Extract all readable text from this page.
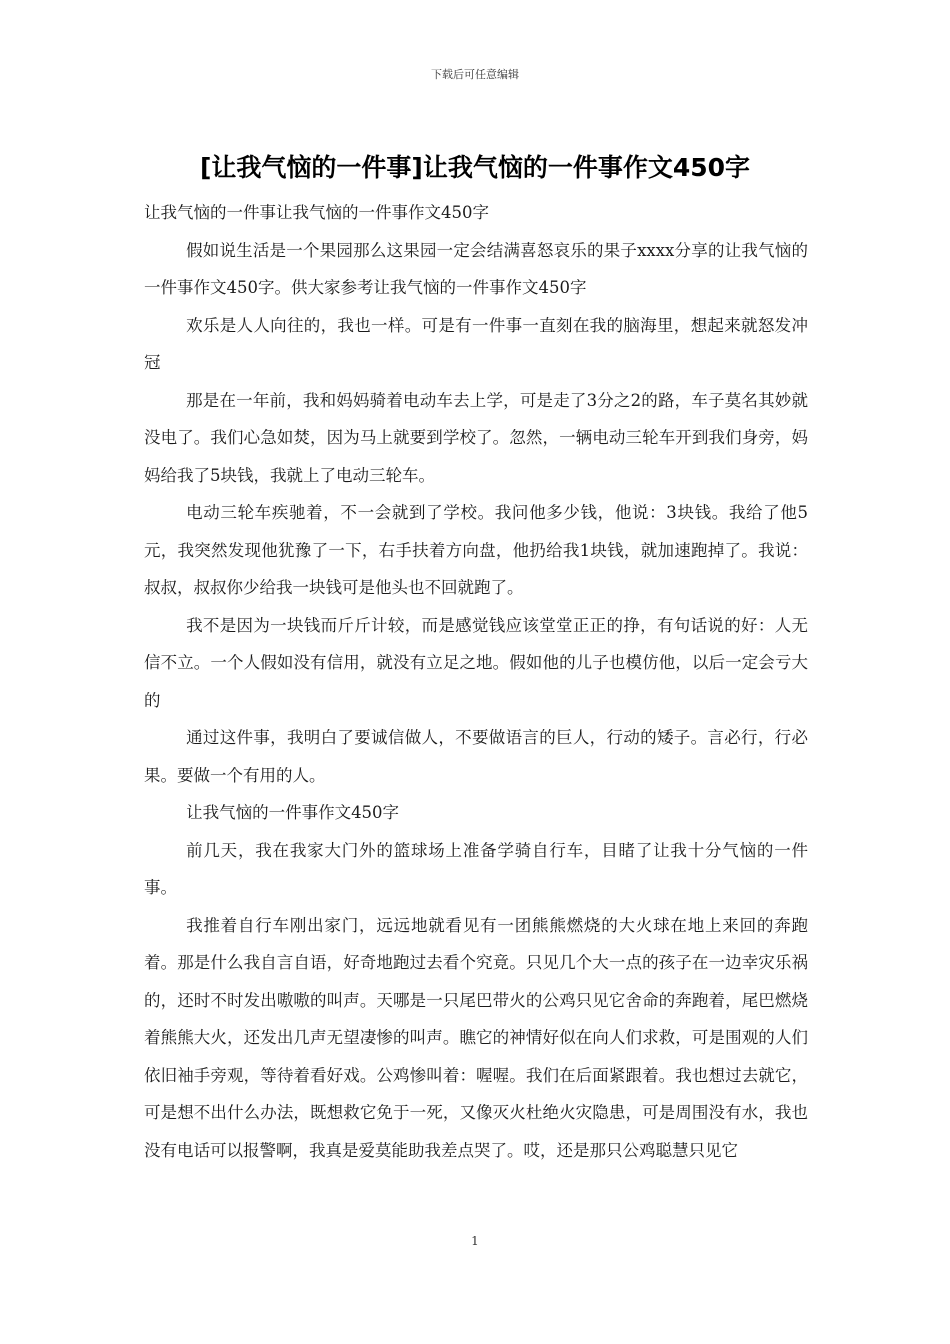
下载后可任意编辑
[让我气恼的一件事]让我气恼的一件事作文450字

让我气恼的一件事让我气恼的一件事作文450字

假如说生活是一个果园那么这果园一定会结满喜怒哀乐的果子xxxx分享的让我气恼的一件事作文450字。供大家参考让我气恼的一件事作文450字

欢乐是人人向往的，我也一样。可是有一件事一直刻在我的脑海里，想起来就怒发冲冠

那是在一年前，我和妈妈骑着电动车去上学，可是走了3分之2的路，车子莫名其妙就没电了。我们心急如焚，因为马上就要到学校了。忽然，一辆电动三轮车开到我们身旁，妈妈给我了5块钱，我就上了电动三轮车。

电动三轮车疾驰着，不一会就到了学校。我问他多少钱，他说：3块钱。我给了他5元，我突然发现他犹豫了一下，右手扶着方向盘，他扔给我1块钱，就加速跑掉了。我说：叔叔，叔叔你少给我一块钱可是他头也不回就跑了。

我不是因为一块钱而斤斤计较，而是感觉钱应该堂堂正正的挣，有句话说的好：人无信不立。一个人假如没有信用，就没有立足之地。假如他的儿子也模仿他，以后一定会亏大的

通过这件事，我明白了要诚信做人，不要做语言的巨人，行动的矮子。言必行，行必果。要做一个有用的人。

让我气恼的一件事作文450字

前几天，我在我家大门外的篮球场上准备学骑自行车，目睹了让我十分气恼的一件事。

我推着自行车刚出家门，远远地就看见有一团熊熊燃烧的大火球在地上来回的奔跑着。那是什么我自言自语，好奇地跑过去看个究竟。只见几个大一点的孩子在一边幸灾乐祸的，还时不时发出嗷嗷的叫声。天哪是一只尾巴带火的公鸡只见它舍命的奔跑着，尾巴燃烧着熊熊大火，还发出几声无望凄惨的叫声。瞧它的神情好似在向人们求救，可是围观的人们依旧袖手旁观，等待着看好戏。公鸡惨叫着：喔喔。我们在后面紧跟着。我也想过去就它，可是想不出什么办法，既想救它免于一死，又像灭火杜绝火灾隐患，可是周围没有水，我也没有电话可以报警啊，我真是爱莫能助我差点哭了。哎，还是那只公鸡聪慧只见它

1
